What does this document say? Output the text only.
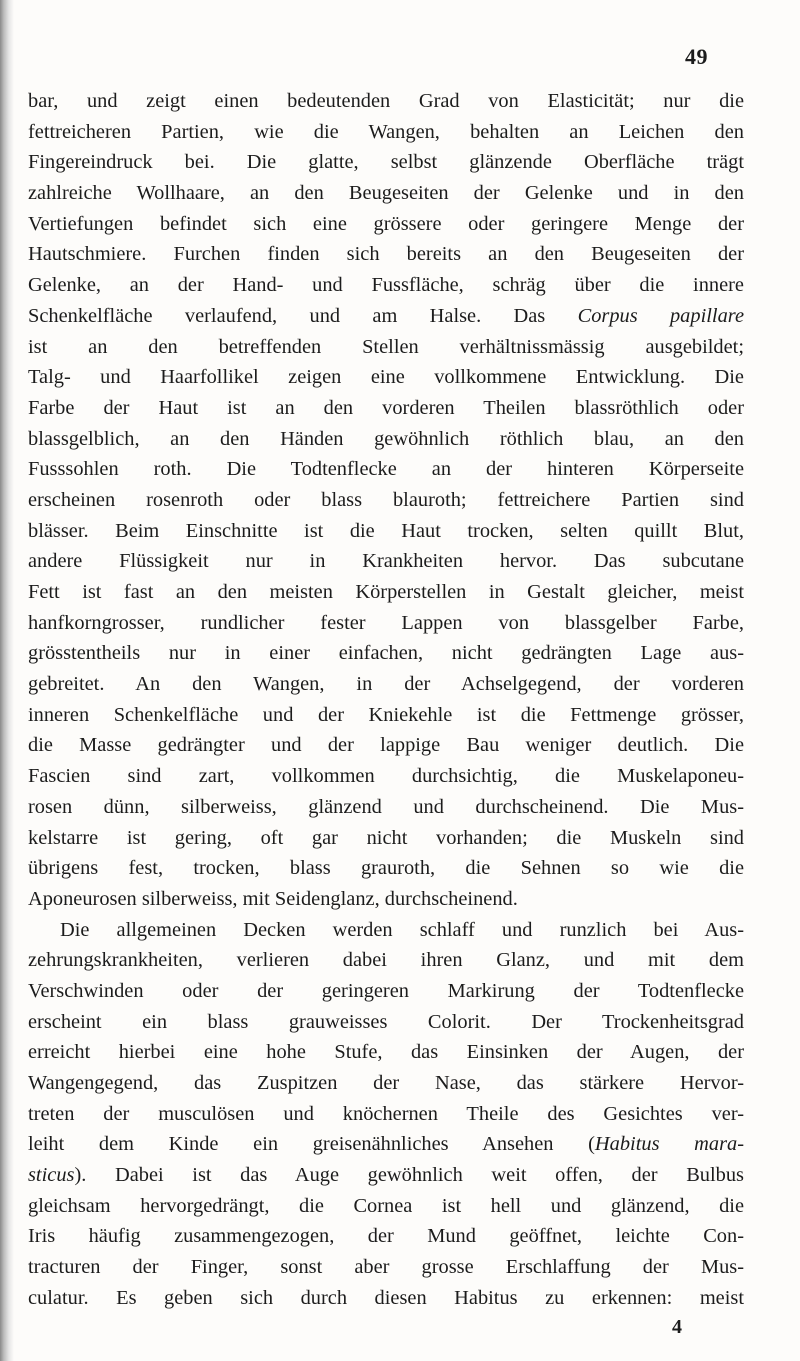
49
bar, und zeigt einen bedeutenden Grad von Elasticität; nur die
fettreicheren Partien, wie die Wangen, behalten an Leichen den
Fingereindruck bei. Die glatte, selbst glänzende Oberfläche trägt
zahlreiche Wollhaare, an den Beugeseiten der Gelenke und in den
Vertiefungen befindet sich eine grössere oder geringere Menge der
Hautschmiere. Furchen finden sich bereits an den Beugeseiten der
Gelenke, an der Hand- und Fussfläche, schräg über die innere
Schenkelfläche verlaufend, und am Halse. Das Corpus papillare
ist an den betreffenden Stellen verhältnissmässig ausgebildet;
Talg- und Haarfollikel zeigen eine vollkommene Entwicklung. Die
Farbe der Haut ist an den vorderen Theilen blassröthlich oder
blassgelblich, an den Händen gewöhnlich röthlich blau, an den
Fusssohlen roth. Die Todtenflecke an der hinteren Körperseite
erscheinen rosenroth oder blass blauroth; fettreichere Partien sind
blässer. Beim Einschnitte ist die Haut trocken, selten quillt Blut,
andere Flüssigkeit nur in Krankheiten hervor. Das subcutane
Fett ist fast an den meisten Körperstellen in Gestalt gleicher, meist
hanfkorngrosser, rundlicher fester Lappen von blassgelber Farbe,
grösstentheils nur in einer einfachen, nicht gedrängten Lage aus-
gebreitet. An den Wangen, in der Achselgegend, der vorderen
inneren Schenkelfläche und der Kniekehle ist die Fettmenge grösser,
die Masse gedrängter und der lappige Bau weniger deutlich. Die
Fascien sind zart, vollkommen durchsichtig, die Muskelaponeu-
rosen dünn, silberweiss, glänzend und durchscheinend. Die Mus-
kelstarre ist gering, oft gar nicht vorhanden; die Muskeln sind
übrigens fest, trocken, blass grauroth, die Sehnen so wie die
Aponeurosen silberweiss, mit Seidenglanz, durchscheinend.
Die allgemeinen Decken werden schlaff und runzlich bei Aus-
zehrungskrankheiten, verlieren dabei ihren Glanz, und mit dem
Verschwinden oder der geringeren Markirung der Todtenflecke
erscheint ein blass grauweisses Colorit. Der Trockenheitsgrad
erreicht hierbei eine hohe Stufe, das Einsinken der Augen, der
Wangengegend, das Zuspitzen der Nase, das stärkere Hervor-
treten der musculösen und knöchernen Theile des Gesichtes ver-
leiht dem Kinde ein greisenähnliches Ansehen (Habitus mara-
sticus). Dabei ist das Auge gewöhnlich weit offen, der Bulbus
gleichsam hervorgedrängt, die Cornea ist hell und glänzend, die
Iris häufig zusammengezogen, der Mund geöffnet, leichte Con-
tracturen der Finger, sonst aber grosse Erschlaffung der Mus-
culatur. Es geben sich durch diesen Habitus zu erkennen: meist
4
